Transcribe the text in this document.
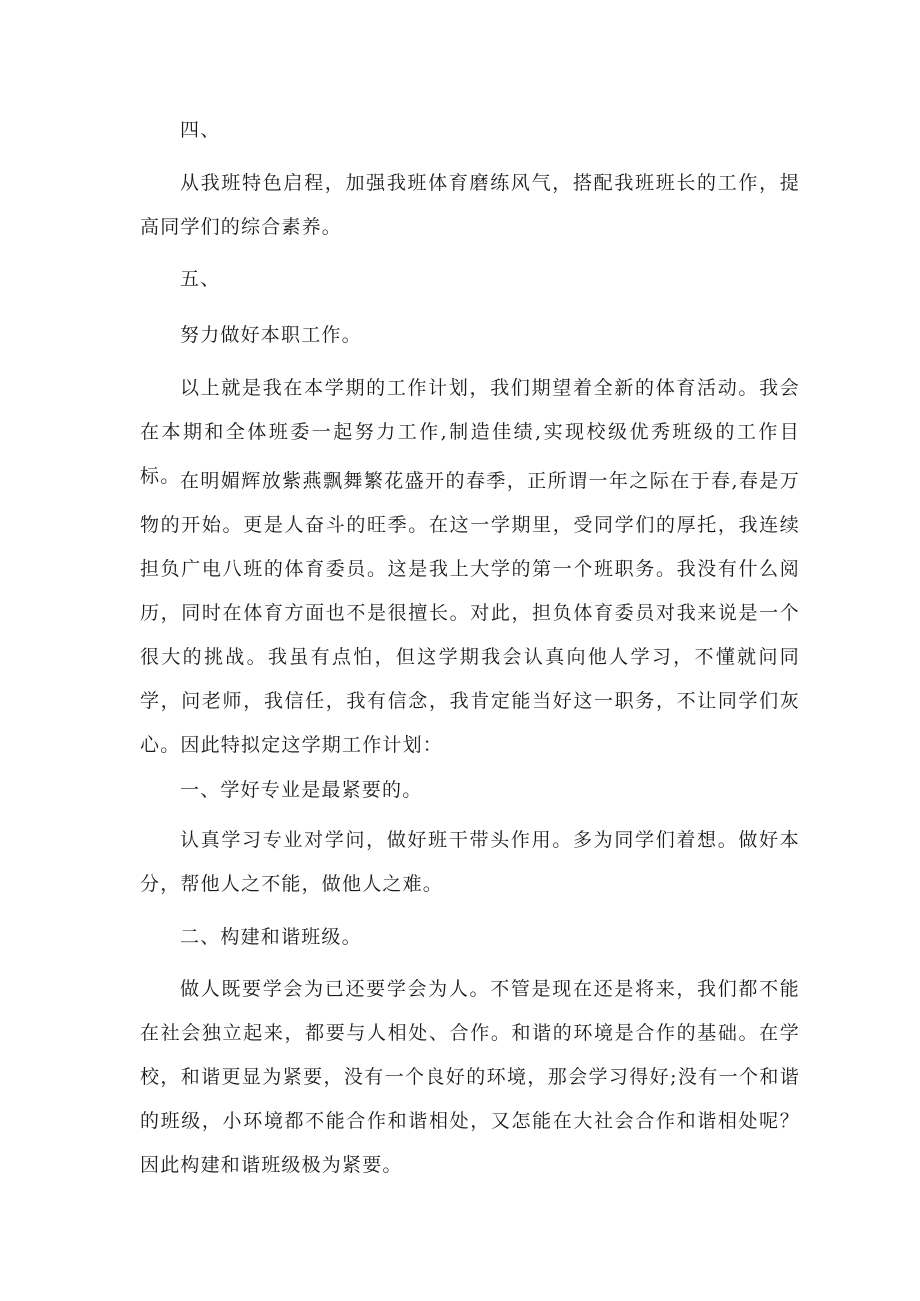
四、

从我班特色启程，加强我班体育磨练风气，搭配我班班长的工作，提高同学们的综合素养。

五、

努力做好本职工作。

以上就是我在本学期的工作计划，我们期望着全新的体育活动。我会在本期和全体班委一起努力工作,制造佳绩,实现校级优秀班级的工作目标。 在明媚辉放紫燕飘舞繁花盛开的春季，正所谓一年之际在于春,春是万物的开始。更是人奋斗的旺季。在这一学期里，受同学们的厚托，我连续担负广电八班的体育委员。这是我上大学的第一个班职务。我没有什么阅历，同时在体育方面也不是很擅长。对此，担负体育委员对我来说是一个很大的挑战。我虽有点怕，但这学期我会认真向他人学习，不懂就问同学，问老师，我信任，我有信念，我肯定能当好这一职务，不让同学们灰心。因此特拟定这学期工作计划：

一、学好专业是最紧要的。

认真学习专业对学问，做好班干带头作用。多为同学们着想。做好本分，帮他人之不能，做他人之难。

二、构建和谐班级。

做人既要学会为已还要学会为人。不管是现在还是将来，我们都不能在社会独立起来，都要与人相处、合作。和谐的环境是合作的基础。在学校，和谐更显为紧要，没有一个良好的环境，那会学习得好;没有一个和谐的班级，小环境都不能合作和谐相处，又怎能在大社会合作和谐相处呢？因此构建和谐班级极为紧要。
